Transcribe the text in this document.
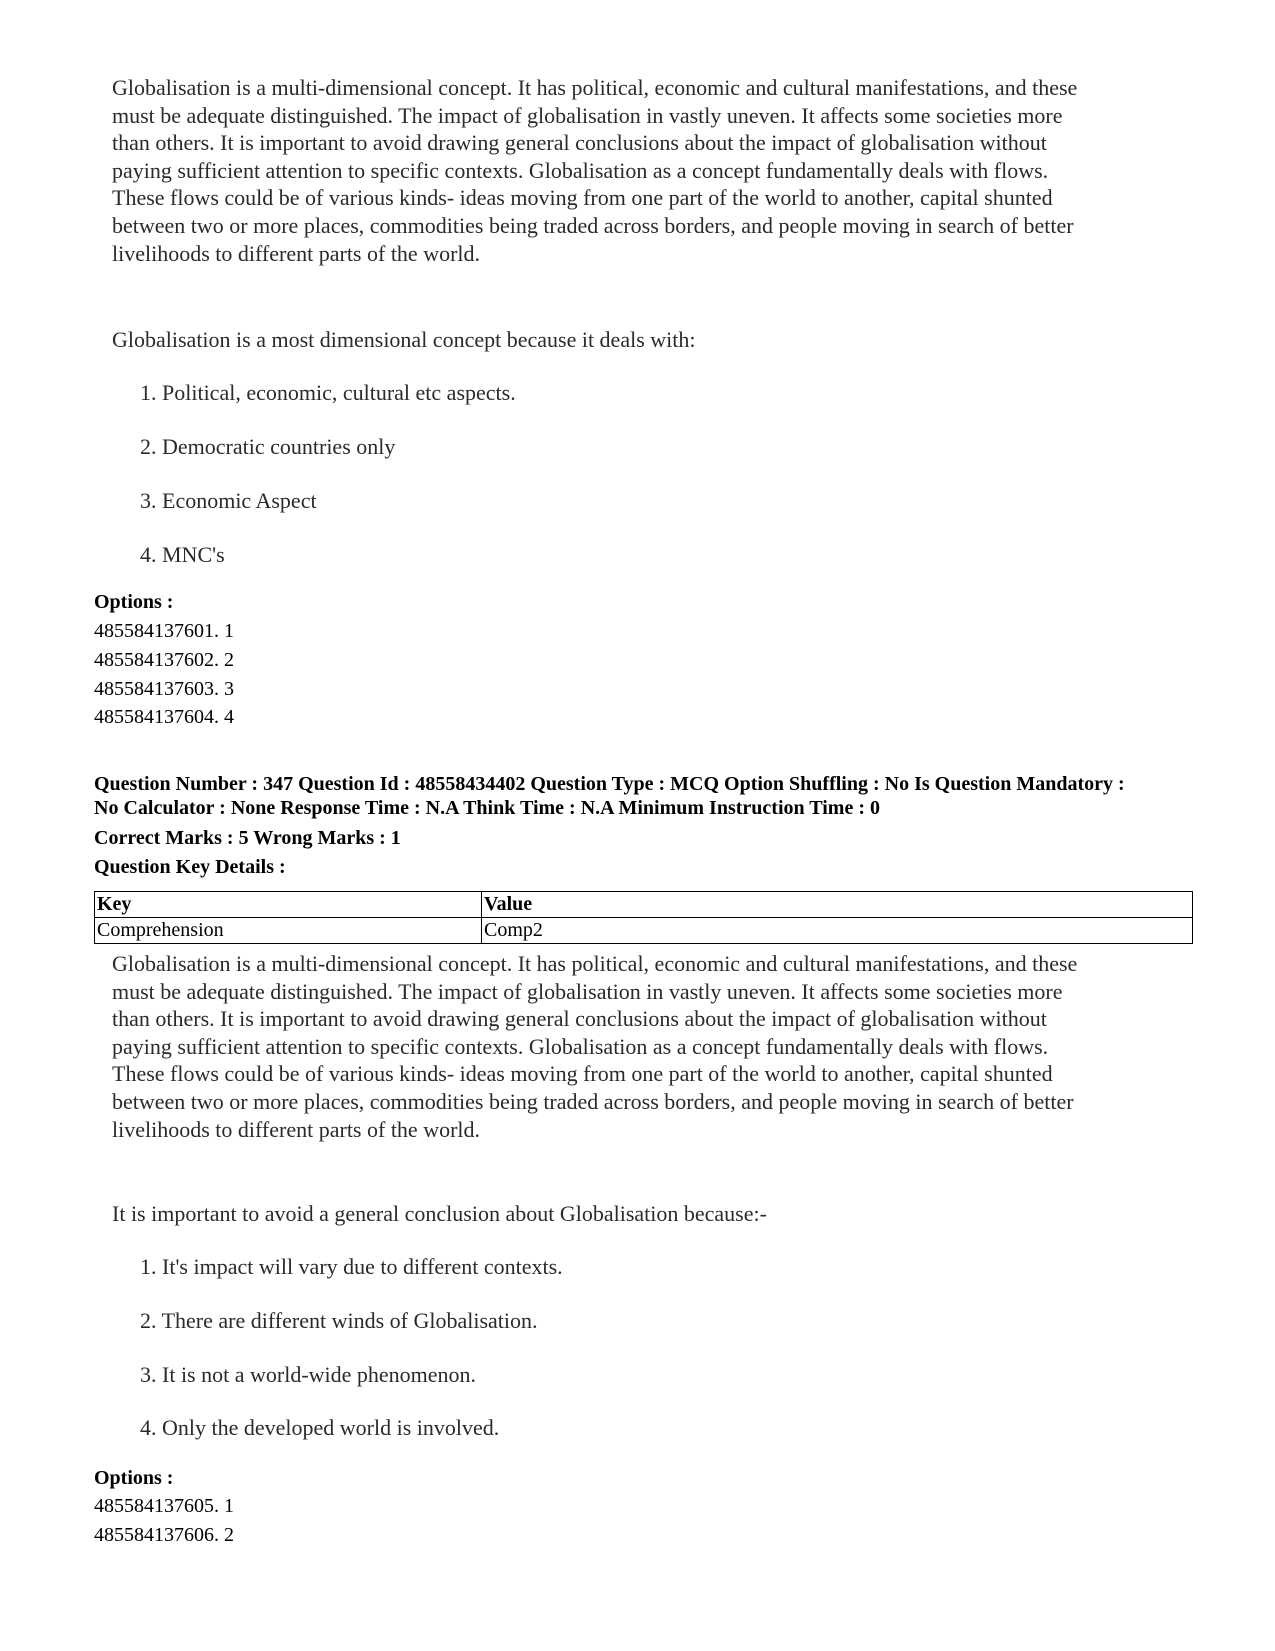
Globalisation is a multi-dimensional concept. It has political, economic and cultural manifestations, and these

must be adequate distinguished. The impact of globalisation in vastly uneven. It affects some societies more

than others. It is important to avoid drawing general conclusions about the impact of globalisation without

paying sufficient attention to specific contexts. Globalisation as a concept fundamentally deals with flows.

These flows could be of various kinds- ideas moving from one part of the world to another, capital shunted

between two or more places, commodities being traded across borders, and people moving in search of better

livelihoods to different parts of the world.

Globalisation is a most dimensional concept because it deals with:
1. Political, economic, cultural etc aspects.
2. Democratic countries only
3. Economic Aspect
4. MNC's
Options :
485584137601. 1
485584137602. 2
485584137603. 3
485584137604. 4
Question Number : 347 Question Id : 48558434402 Question Type : MCQ Option Shuffling : No Is Question Mandatory :
No Calculator : None Response Time : N.A Think Time : N.A Minimum Instruction Time : 0
Correct Marks : 5 Wrong Marks : 1
Question Key Details :
Key	Value
Comprehension	Comp2

Globalisation is a multi-dimensional concept. It has political, economic and cultural manifestations, and these

must be adequate distinguished. The impact of globalisation in vastly uneven. It affects some societies more

than others. It is important to avoid drawing general conclusions about the impact of globalisation without

paying sufficient attention to specific contexts. Globalisation as a concept fundamentally deals with flows.

These flows could be of various kinds- ideas moving from one part of the world to another, capital shunted

between two or more places, commodities being traded across borders, and people moving in search of better

livelihoods to different parts of the world.

It is important to avoid a general conclusion about Globalisation because:-
1. It's impact will vary due to different contexts.
2. There are different winds of Globalisation.
3. It is not a world-wide phenomenon.
4. Only the developed world is involved.
Options :
485584137605. 1
485584137606. 2
